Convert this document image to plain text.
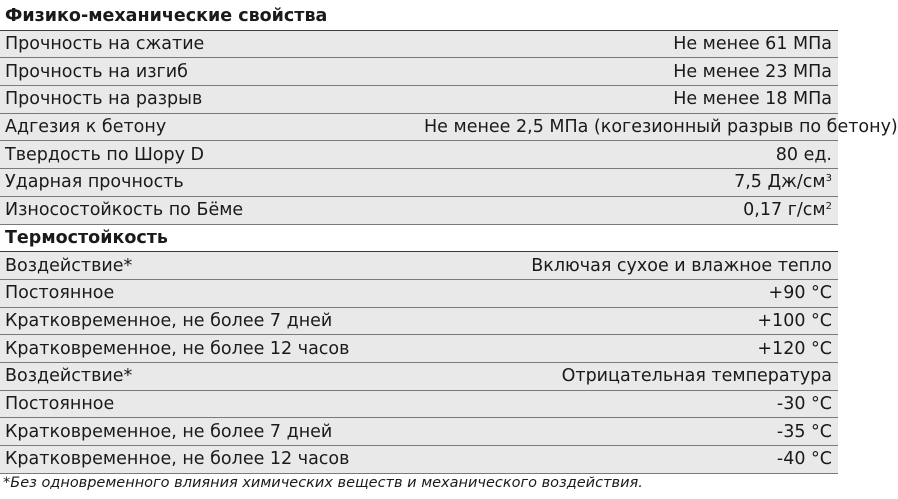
Физико-механические свойства	
Прочность на сжатие	Не менее 61 МПа
Прочность на изгиб	Не менее 23 МПа
Прочность на разрыв	Не менее 18 МПа
Адгезия к бетону	Не менее 2,5 МПа (когезионный разрыв по бетону)
Твердость по Шору D	80 ед.
Ударная прочность	7,5 $Дж/см^3$
Износостойкость по Бёме	0,17 $г/см^2$
Термостойкость	
Воздействие*	Включая сухое и влажное тепло
Постоянное	+90 °C
Кратковременное, не более 7 дней	+100 °C
Кратковременное, не более 12 часов	+120 °C
Воздействие*	Отрицательная температура
Постоянное	-30 °C
Кратковременное, не более 7 дней	-35 °C
Кратковременное, не более 12 часов	-40 °C
*Без одновременного влияния химических веществ и механического воздействия.
